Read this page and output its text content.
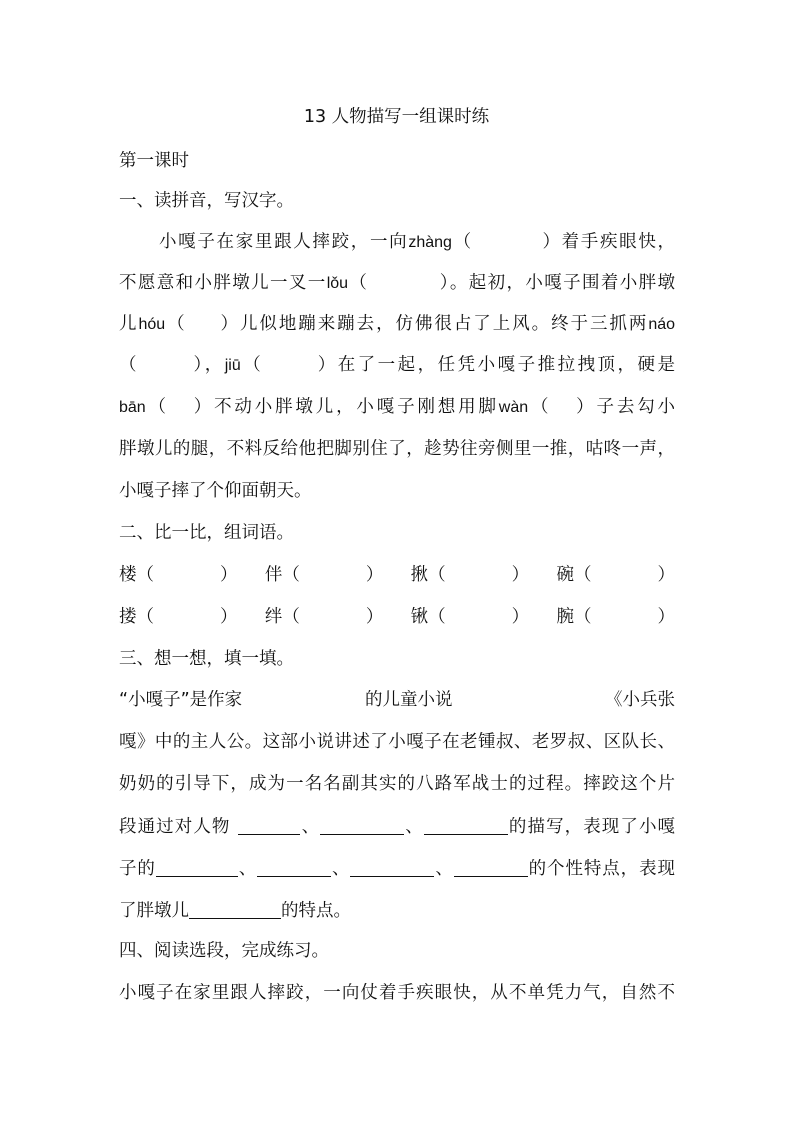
13 人物描写一组课时练
第一课时
一、读拼音，写汉字。
小嘎子在家里跟人摔跤，一向zhàng（	）着手疾眼快，
不愿意和小胖墩儿一叉一lǒu（	）。起初，小嘎子围着小胖墩
儿hóu（ ）儿似地蹦来蹦去，仿佛很占了上风。终于三抓两náo
（	），jiū（	）在了一起，任凭小嘎子推拉拽顶，硬是
bān（ ）不动小胖墩儿，小嘎子刚想用脚wàn（ ）子去勾小
胖墩儿的腿，不料反给他把脚别住了，趁势往旁侧里一推，咕咚一声，
小嘎子摔了个仰面朝天。
二、比一比，组词语。
楼（	） 伴（	） 揪（	） 碗（	）
搂（	） 绊（	） 锹（	） 腕（	）
三、想一想，填一填。
“小嘎子”是作家	的儿童小说	《小兵张
嘎》中的主人公。这部小说讲述了小嘎子在老锺叔、老罗叔、区队长、
奶奶的引导下，成为一名名副其实的八路军战士的过程。摔跤这个片
段通过对人物	、	、	的描写，表现了小嘎
子的	、	、	、	的个性特点，表现
了胖墩儿	的特点。
四、阅读选段，完成练习。
小嘎子在家里跟人摔跤，一向仗着手疾眼快，从不单凭力气，自然不
